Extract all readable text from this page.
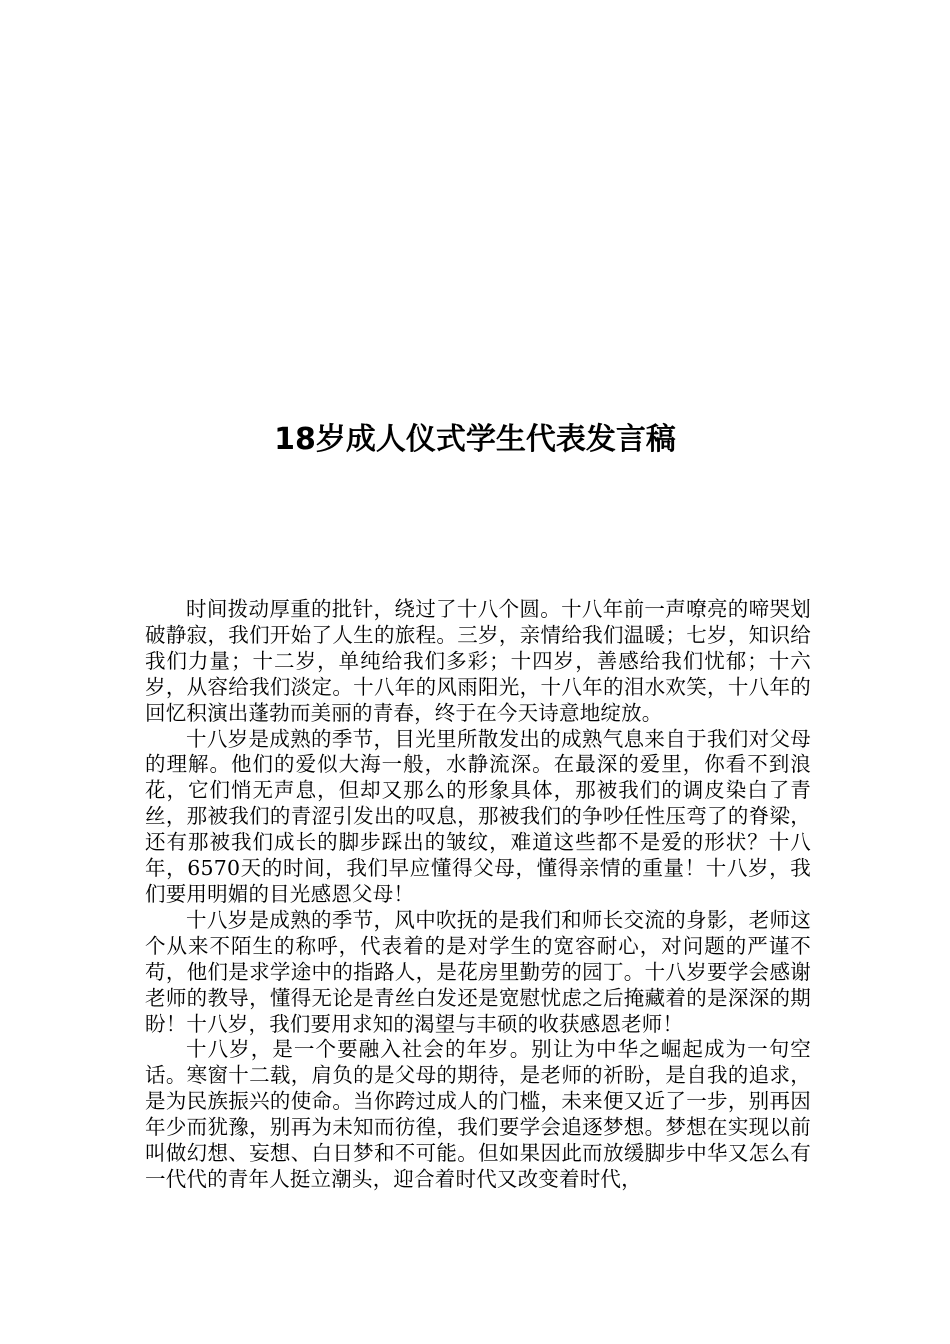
18岁成人仪式学生代表发言稿

时间拨动厚重的批针，绕过了十八个圆。十八年前一声嘹亮的啼哭划破静寂，我们开始了人生的旅程。三岁，亲情给我们温暖；七岁，知识给我们力量；十二岁，单纯给我们多彩；十四岁，善感给我们忧郁；十六岁，从容给我们淡定。十八年的风雨阳光，十八年的泪水欢笑，十八年的回忆积演出蓬勃而美丽的青春，终于在今天诗意地绽放。

十八岁是成熟的季节，目光里所散发出的成熟气息来自于我们对父母的理解。他们的爱似大海一般，水静流深。在最深的爱里，你看不到浪花，它们悄无声息，但却又那么的形象具体，那被我们的调皮染白了青丝，那被我们的青涩引发出的叹息，那被我们的争吵任性压弯了的脊梁，还有那被我们成长的脚步踩出的皱纹，难道这些都不是爱的形状？十八年，6570天的时间，我们早应懂得父母，懂得亲情的重量！十八岁，我们要用明媚的目光感恩父母！

十八岁是成熟的季节，风中吹抚的是我们和师长交流的身影，老师这个从来不陌生的称呼，代表着的是对学生的宽容耐心，对问题的严谨不苟，他们是求学途中的指路人，是花房里勤劳的园丁。十八岁要学会感谢老师的教导，懂得无论是青丝白发还是宽慰忧虑之后掩藏着的是深深的期盼！十八岁，我们要用求知的渴望与丰硕的收获感恩老师！

十八岁，是一个要融入社会的年岁。别让为中华之崛起成为一句空话。寒窗十二载，肩负的是父母的期待，是老师的祈盼，是自我的追求，是为民族振兴的使命。当你跨过成人的门槛，未来便又近了一步，别再因年少而犹豫，别再为未知而彷徨，我们要学会追逐梦想。梦想在实现以前叫做幻想、妄想、白日梦和不可能。但如果因此而放缓脚步中华又怎么有一代代的青年人挺立潮头，迎合着时代又改变着时代，
